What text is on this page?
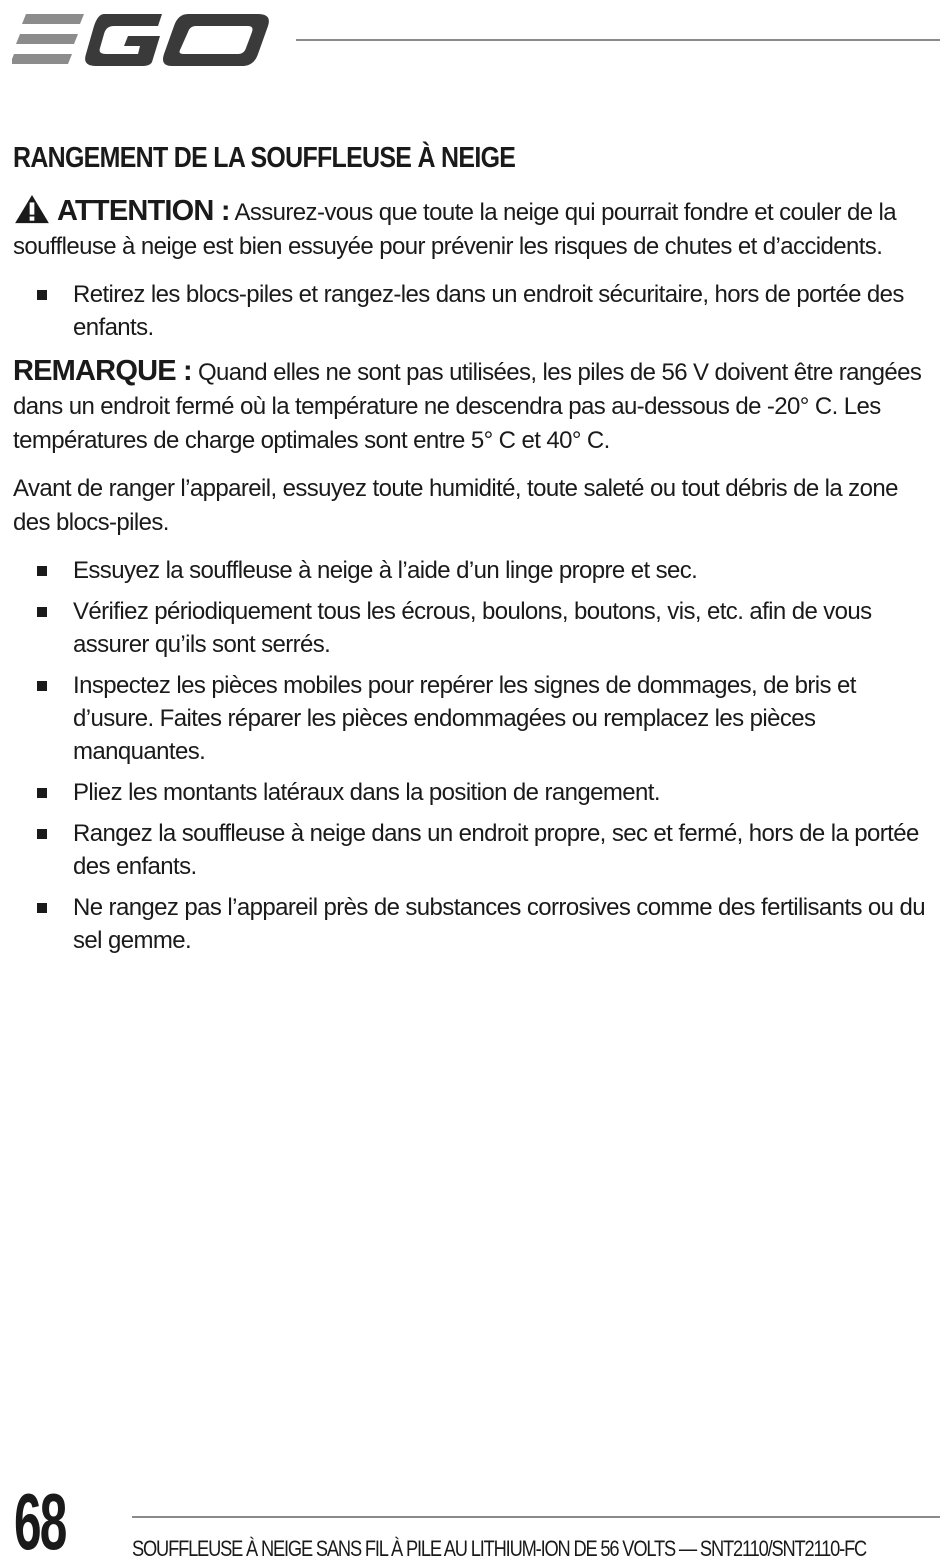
RANGEMENT DE LA SOUFFLEUSE À NEIGE

ATTENTION : Assurez-vous que toute la neige qui pourrait fondre et couler de la souffleuse à neige est bien essuyée pour prévenir les risques de chutes et d’accidents.

Retirez les blocs-piles et rangez-les dans un endroit sécuritaire, hors de portée des enfants.

REMARQUE : Quand elles ne sont pas utilisées, les piles de 56 V doivent être rangées dans un endroit fermé où la température ne descendra pas au-dessous de -20° C. Les températures de charge optimales sont entre 5° C et 40° C.

Avant de ranger l’appareil, essuyez toute humidité, toute saleté ou tout débris de la zone des blocs-piles.

Essuyez la souffleuse à neige à l’aide d’un linge propre et sec.
Vérifiez périodiquement tous les écrous, boulons, boutons, vis, etc. afin de vous assurer qu’ils sont serrés.
Inspectez les pièces mobiles pour repérer les signes de dommages, de bris et d’usure. Faites réparer les pièces endommagées ou remplacez les pièces manquantes.
Pliez les montants latéraux dans la position de rangement.
Rangez la souffleuse à neige dans un endroit propre, sec et fermé, hors de la portée des enfants.
Ne rangez pas l’appareil près de substances corrosives comme des fertilisants ou du sel gemme.
68	SOUFFLEUSE À NEIGE SANS FIL À PILE AU LITHIUM-ION DE 56 VOLTS — SNT2110/SNT2110-FC
